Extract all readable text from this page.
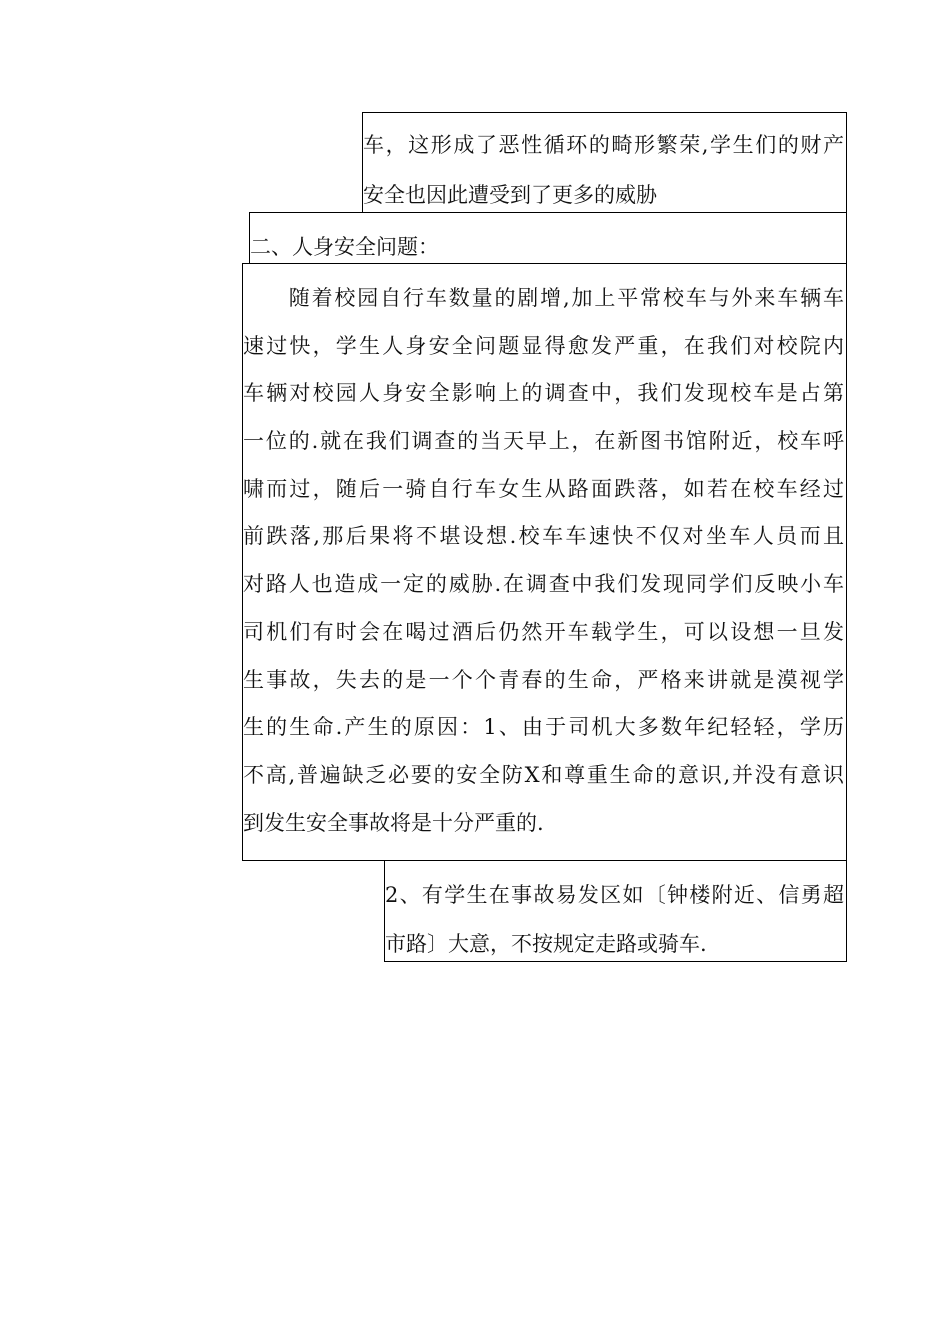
车，这形成了恶性循环的畸形繁荣,学生们的财产
安全也因此遭受到了更多的威胁
二、人身安全问题：
　　随着校园自行车数量的剧增,加上平常校车与外来车辆车
速过快，学生人身安全问题显得愈发严重，在我们对校院内
车辆对校园人身安全影响上的调查中，我们发现校车是占第
一位的.就在我们调查的当天早上，在新图书馆附近，校车呼
啸而过，随后一骑自行车女生从路面跌落，如若在校车经过
前跌落,那后果将不堪设想.校车车速快不仅对坐车人员而且
对路人也造成一定的威胁.在调查中我们发现同学们反映小车
司机们有时会在喝过酒后仍然开车载学生，可以设想一旦发
生事故，失去的是一个个青春的生命，严格来讲就是漠视学
生的生命.产生的原因：1、由于司机大多数年纪轻轻，学历
不高,普遍缺乏必要的安全防X和尊重生命的意识,并没有意识
到发生安全事故将是十分严重的.
2、有学生在事故易发区如〔钟楼附近、信勇超
市路〕大意，不按规定走路或骑车.
